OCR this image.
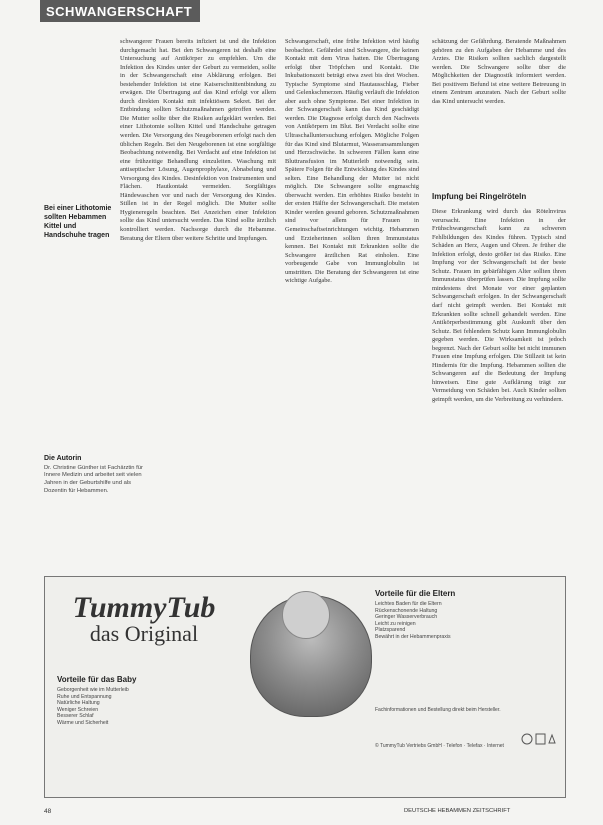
SCHWANGERSCHAFT
Bei einer Lithotomie sollten Hebammen Kittel und Handschuhe tragen
Die Autorin
Dr. Christine Günther ist Fachärztin für Innere Medizin und arbeitet seit vielen Jahren in der Geburtshilfe und als Dozentin für Hebammen.

schwangerer Frauen bereits infiziert ist und die Infektion durchgemacht hat. Bei den Schwangeren ist deshalb eine Untersuchung auf Antikörper zu empfehlen. Um die Infektion des Kindes unter der Geburt zu vermeiden, sollte in der Schwangerschaft eine Abklärung erfolgen. Bei bestehender Infektion ist eine Kaiserschnittentbindung zu erwägen. Die Übertragung auf das Kind erfolgt vor allem durch direkten Kontakt mit infektiösem Sekret. Bei der Entbindung sollten Schutzmaßnahmen getroffen werden. Die Mutter sollte über die Risiken aufgeklärt werden. Bei einer Lithotomie sollten Kittel und Handschuhe getragen werden. Die Versorgung des Neugeborenen erfolgt nach den üblichen Regeln. Bei den Neugeborenen ist eine sorgfältige Beobachtung notwendig. Bei Verdacht auf eine Infektion ist eine frühzeitige Behandlung einzuleiten. Waschung mit antiseptischer Lösung, Augenprophylaxe, Abnabelung und Versorgung des Kindes. Desinfektion von Instrumenten und Flächen. Hautkontakt vermeiden. Sorgfältiges Händewaschen vor und nach der Versorgung des Kindes. Stillen ist in der Regel möglich. Die Mutter sollte Hygieneregeln beachten. Bei Anzeichen einer Infektion sollte das Kind untersucht werden. Das Kind sollte ärztlich kontrolliert werden. Nachsorge durch die Hebamme. Beratung der Eltern über weitere Schritte und Impfungen.

Schwangerschaft, eine frühe Infektion wird häufig beobachtet. Gefährdet sind Schwangere, die keinen Kontakt mit dem Virus hatten. Die Übertragung erfolgt über Tröpfchen und Kontakt. Die Inkubationszeit beträgt etwa zwei bis drei Wochen. Typische Symptome sind Hautausschlag, Fieber und Gelenkschmerzen. Häufig verläuft die Infektion aber auch ohne Symptome. Bei einer Infektion in der Schwangerschaft kann das Kind geschädigt werden. Die Diagnose erfolgt durch den Nachweis von Antikörpern im Blut. Bei Verdacht sollte eine Ultraschalluntersuchung erfolgen. Mögliche Folgen für das Kind sind Blutarmut, Wasseransammlungen und Herzschwäche. In schweren Fällen kann eine Bluttransfusion im Mutterleib notwendig sein. Spätere Folgen für die Entwicklung des Kindes sind selten. Eine Behandlung der Mutter ist nicht möglich. Die Schwangere sollte engmaschig überwacht werden. Ein erhöhtes Risiko besteht in der ersten Hälfte der Schwangerschaft. Die meisten Kinder werden gesund geboren. Schutzmaßnahmen sind vor allem für Frauen in Gemeinschaftseinrichtungen wichtig. Hebammen und Erzieherinnen sollten ihren Immunstatus kennen. Bei Kontakt mit Erkrankten sollte die Schwangere ärztlichen Rat einholen. Eine vorbeugende Gabe von Immunglobulin ist umstritten. Die Beratung der Schwangeren ist eine wichtige Aufgabe.

schätzung der Gefährdung. Beratende Maßnahmen gehören zu den Aufgaben der Hebamme und des Arztes. Die Risiken sollten sachlich dargestellt werden. Die Schwangere sollte über die Möglichkeiten der Diagnostik informiert werden. Bei positivem Befund ist eine weitere Betreuung in einem Zentrum anzuraten. Nach der Geburt sollte das Kind untersucht werden.

Impfung bei Ringelröteln

Diese Erkrankung wird durch das Rötelnvirus verursacht. Eine Infektion in der Frühschwangerschaft kann zu schweren Fehlbildungen des Kindes führen. Typisch sind Schäden an Herz, Augen und Ohren. Je früher die Infektion erfolgt, desto größer ist das Risiko. Eine Impfung vor der Schwangerschaft ist der beste Schutz. Frauen im gebärfähigen Alter sollten ihren Immunstatus überprüfen lassen. Die Impfung sollte mindestens drei Monate vor einer geplanten Schwangerschaft erfolgen. In der Schwangerschaft darf nicht geimpft werden. Bei Kontakt mit Erkrankten sollte schnell gehandelt werden. Eine Antikörperbestimmung gibt Auskunft über den Schutz. Bei fehlendem Schutz kann Immunglobulin gegeben werden. Die Wirksamkeit ist jedoch begrenzt. Nach der Geburt sollte bei nicht immunen Frauen eine Impfung erfolgen. Die Stillzeit ist kein Hindernis für die Impfung. Hebammen sollten die Schwangeren auf die Bedeutung der Impfung hinweisen. Eine gute Aufklärung trägt zur Vermeidung von Schäden bei. Auch Kinder sollten geimpft werden, um die Verbreitung zu verhindern.

TummyTub
das Original
Vorteile für das Baby
Geborgenheit wie im Mutterleib
Ruhe und Entspannung
Natürliche Haltung
Weniger Schreien
Besserer Schlaf
Wärme und Sicherheit
Vorteile für die Eltern
Leichtes Baden für die Eltern
Rückenschonende Haltung
Geringer Wasserverbrauch
Leicht zu reinigen
Platzsparend
Bewährt in der Hebammenpraxis
Fachinformationen und Bestellung direkt beim Hersteller.
© TummyTub Vertriebs GmbH · Telefon · Telefax · Internet
48	DEUTSCHE HEBAMMEN ZEITSCHRIFT
